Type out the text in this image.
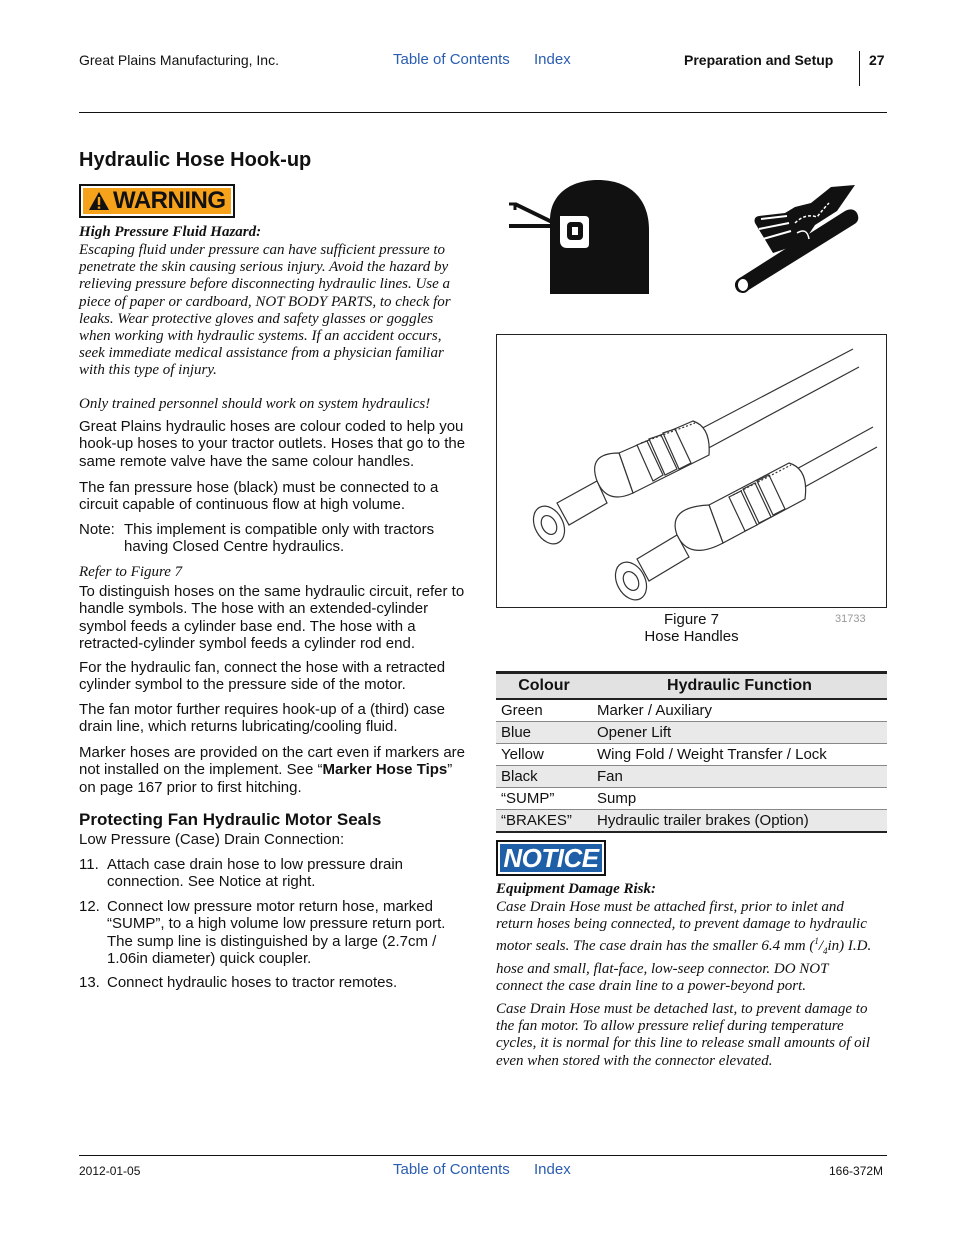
Great Plains Manufacturing, Inc.	Table of Contents Index	Preparation and Setup	27
Hydraulic Hose Hook-up
WARNING
High Pressure Fluid Hazard:
Escaping fluid under pressure can have sufficient pressure to
penetrate the skin causing serious injury. Avoid the hazard by
relieving pressure before disconnecting hydraulic lines. Use a
piece of paper or cardboard, NOT BODY PARTS, to check for
leaks. Wear protective gloves and safety glasses or goggles
when working with hydraulic systems. If an accident occurs,
seek immediate medical assistance from a physician familiar
with this type of injury.
Only trained personnel should work on system hydraulics!

Great Plains hydraulic hoses are colour coded to help you hook-up hoses to your tractor outlets. Hoses that go to the same remote valve have the same colour handles.

The fan pressure hose (black) must be connected to a circuit capable of continuous flow at high volume.

Note: This implement is compatible only with tractors having Closed Centre hydraulics.

Refer to Figure 7

To distinguish hoses on the same hydraulic circuit, refer to handle symbols. The hose with an extended-cylinder symbol feeds a cylinder base end. The hose with a retracted-cylinder symbol feeds a cylinder rod end.

For the hydraulic fan, connect the hose with a retracted cylinder symbol to the pressure side of the motor.

The fan motor further requires hook-up of a (third) case drain line, which returns lubricating/cooling fluid.

Marker hoses are provided on the cart even if markers are not installed on the implement. See “Marker Hose Tips” on page 167 prior to first hitching.

Protecting Fan Hydraulic Motor Seals
Low Pressure (Case) Drain Connection:
11. Attach case drain hose to low pressure drain connection. See Notice at right.
12. Connect low pressure motor return hose, marked “SUMP”, to a high volume low pressure return port. The sump line is distinguished by a large (2.7cm / 1.06in diameter) quick coupler.
13. Connect hydraulic hoses to tractor remotes.
Figure 7
Hose Handles
31733
Colour	Hydraulic Function
Green	Marker / Auxiliary
Blue	Opener Lift
Yellow	Wing Fold / Weight Transfer / Lock
Black	Fan
“SUMP”	Sump
“BRAKES”	Hydraulic trailer brakes (Option)
NOTICE
Equipment Damage Risk:
Case Drain Hose must be attached first, prior to inlet and
return hoses being connected, to prevent damage to hydraulic
motor seals. The case drain has the smaller 6.4 mm $(^1/_4in)$ I.D.
hose and small, flat-face, low-seep connector. DO NOT
connect the case drain line to a power-beyond port.
Case Drain Hose must be detached last, to prevent damage to
the fan motor. To allow pressure relief during temperature
cycles, it is normal for this line to release small amounts of oil
even when stored with the connector elevated.
2012-01-05	Table of Contents Index	166-372M
